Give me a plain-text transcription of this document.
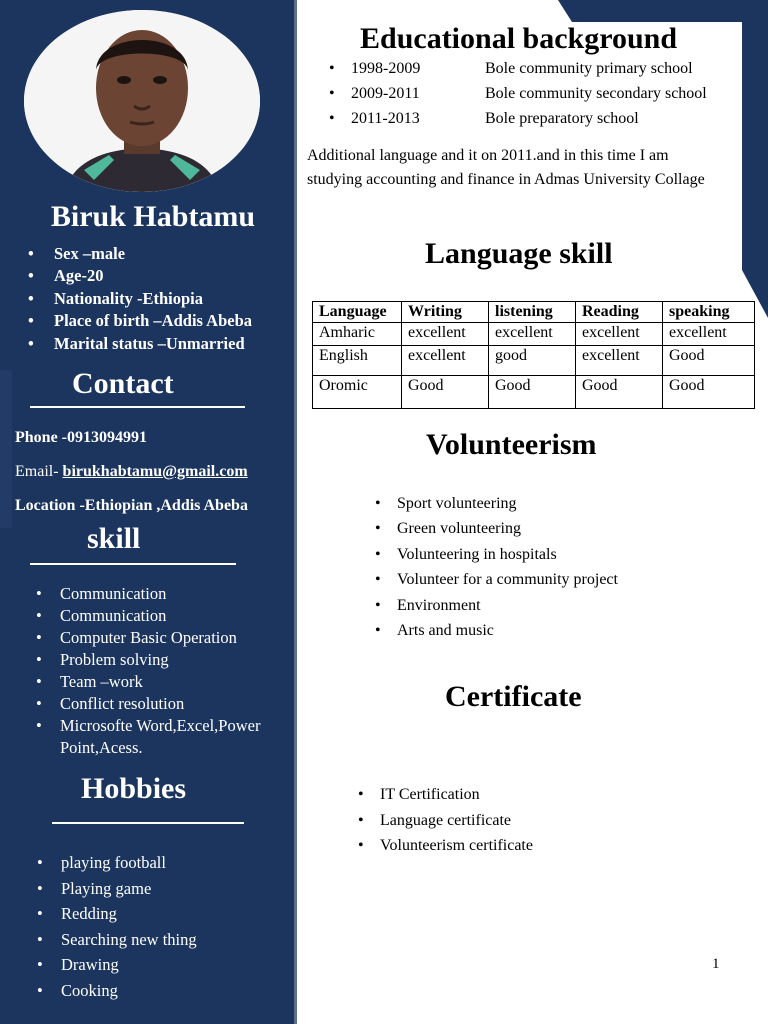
Biruk Habtamu
• Sex –male
• Age-20
• Nationality -Ethiopia
• Place of birth –Addis Abeba
• Marital status –Unmarried
Contact
Phone -0913094991
Email- birukhabtamu@gmail.com
Location -Ethiopian ,Addis Abeba
skill
• Communication
• Communication
• Computer Basic Operation
• Problem solving
• Team –work
• Conflict resolution
• Microsofte Word,Excel,Power Point,Acess.
Hobbies
• playing football
• Playing game
• Redding
• Searching new thing
• Drawing
• Cooking
Educational background
• 1998-2009	Bole community primary school
• 2009-2011	Bole community secondary school
• 2011-2013	Bole preparatory school
Additional language and it on 2011.and in this time I am studying accounting and finance in Admas University Collage
Language skill
Language	Writing	listening	Reading	speaking
Amharic	excellent	excellent	excellent	excellent
English	excellent	good	excellent	Good
Oromic	Good	Good	Good	Good
Volunteerism
• Sport volunteering
• Green volunteering
• Volunteering in hospitals
• Volunteer for a community project
• Environment
• Arts and music
Certificate
• IT Certification
• Language certificate
• Volunteerism certificate
1
